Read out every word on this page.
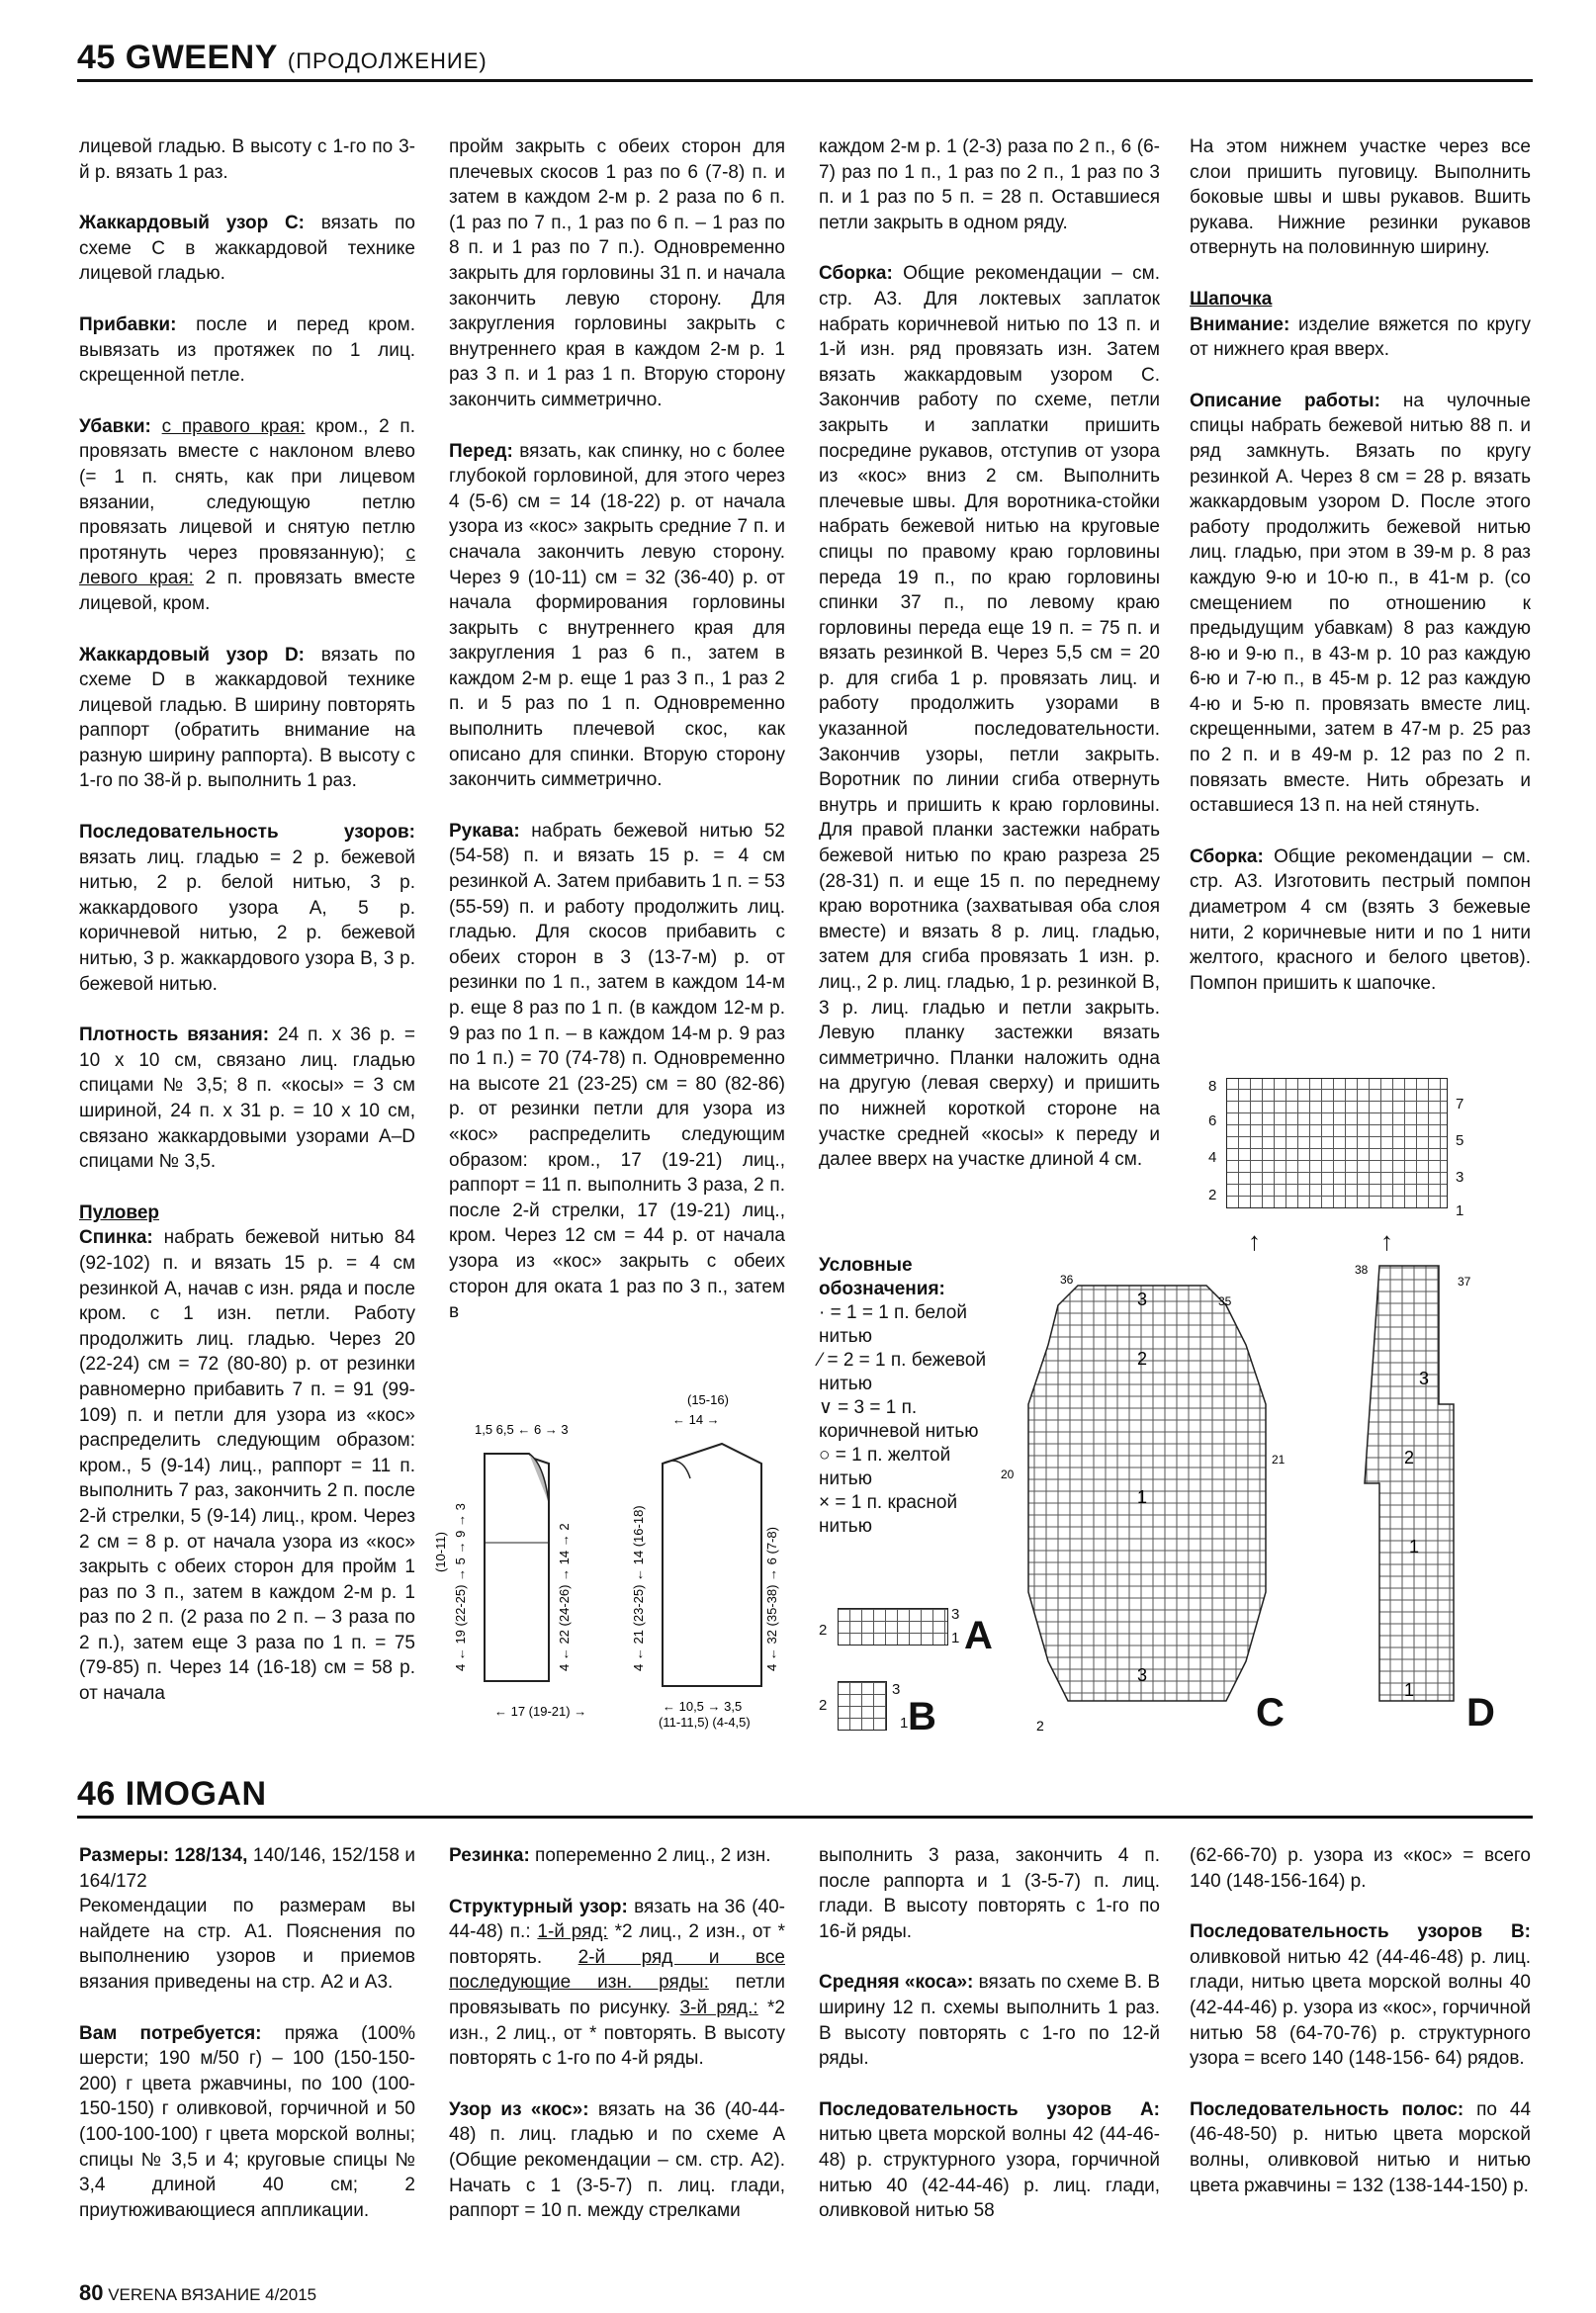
45 GWEENY (ПРОДОЛЖЕНИЕ)

лицевой гладью. В высоту с 1-го по 3-й р. вязать 1 раз.

Жаккардовый узор C: вязать по схеме C в жаккардовой технике лицевой гладью.

Прибавки: после и перед кром. вывязать из протяжек по 1 лиц. скрещенной петле.

Убавки: с правого края: кром., 2 п. провязать вместе с наклоном влево (= 1 п. снять, как при лицевом вязании, следующую петлю провязать лицевой и снятую петлю протянуть через провязанную); с левого края: 2 п. провязать вместе лицевой, кром.

Жаккардовый узор D: вязать по схеме D в жаккардовой технике лицевой гладью. В ширину повторять раппорт (обратить внимание на разную ширину раппорта). В высоту с 1-го по 38-й р. выполнить 1 раз.

Последовательность узоров: вязать лиц. гладью = 2 р. бежевой нитью, 2 р. белой нитью, 3 р. жаккардового узора A, 5 р. коричневой нитью, 2 р. бежевой нитью, 3 р. жаккардового узора B, 3 р. бежевой нитью.

Плотность вязания: 24 п. х 36 р. = 10 х 10 см, связано лиц. гладью спицами № 3,5; 8 п. «косы» = 3 см шириной, 24 п. х 31 р. = 10 х 10 см, связано жаккардовыми узорами A–D спицами № 3,5.

Пуловер
Спинка: набрать бежевой нитью 84 (92-102) п. и вязать 15 р. = 4 см резинкой A, начав с изн. ряда и после кром. с 1 изн. петли. Работу продолжить лиц. гладью. Через 20 (22-24) см = 72 (80-80) р. от резинки равномерно прибавить 7 п. = 91 (99-109) п. и петли для узора из «кос» распределить следующим образом: кром., 5 (9-14) лиц., раппорт = 11 п. выполнить 7 раз, закончить 2 п. после 2-й стрелки, 5 (9-14) лиц., кром. Через 2 см = 8 р. от начала узора из «кос» закрыть с обеих сторон для пройм 1 раз по 3 п., затем в каждом 2-м р. 1 раз по 2 п. (2 раза по 2 п. – 3 раза по 2 п.), затем еще 3 раза по 1 п. = 75 (79-85) п. Через 14 (16-18) см = 58 р. от начала

пройм закрыть с обеих сторон для плечевых скосов 1 раз по 6 (7-8) п. и затем в каждом 2-м р. 2 раза по 6 п. (1 раз по 7 п., 1 раз по 6 п. – 1 раз по 8 п. и 1 раз по 7 п.). Одновременно закрыть для горловины 31 п. и начала закончить левую сторону. Для закругления горловины закрыть с внутреннего края в каждом 2-м р. 1 раз 3 п. и 1 раз 1 п. Вторую сторону закончить симметрично.

Перед: вязать, как спинку, но с более глубокой горловиной, для этого через 4 (5-6) см = 14 (18-22) р. от начала узора из «кос» закрыть средние 7 п. и сначала закончить левую сторону. Через 9 (10-11) см = 32 (36-40) р. от начала формирования горловины закрыть с внутреннего края для закругления 1 раз 6 п., затем в каждом 2-м р. еще 1 раз 3 п., 1 раз 2 п. и 5 раз по 1 п. Одновременно выполнить плечевой скос, как описано для спинки. Вторую сторону закончить симметрично.

Рукава: набрать бежевой нитью 52 (54-58) п. и вязать 15 р. = 4 см резинкой A. Затем прибавить 1 п. = 53 (55-59) п. и работу продолжить лиц. гладью. Для скосов прибавить с обеих сторон в 3 (13-7-м) р. от резинки по 1 п., затем в каждом 14-м р. еще 8 раз по 1 п. (в каждом 12-м р. 9 раз по 1 п. – в каждом 14-м р. 9 раз по 1 п.) = 70 (74-78) п. Одновременно на высоте 21 (23-25) см = 80 (82-86) р. от резинки петли для узора из «кос» распределить следующим образом: кром., 17 (19-21) лиц., раппорт = 11 п. выполнить 3 раза, 2 п. после 2-й стрелки, 17 (19-21) лиц., кром. Через 12 см = 44 р. от начала узора из «кос» закрыть с обеих сторон для оката 1 раз по 3 п., затем в

каждом 2-м р. 1 (2-3) раза по 2 п., 6 (6-7) раз по 1 п., 1 раз по 2 п., 1 раз по 3 п. и 1 раз по 5 п. = 28 п. Оставшиеся петли закрыть в одном ряду.

Сборка: Общие рекомендации – см. стр. A3. Для локтевых заплаток набрать коричневой нитью по 13 п. и 1-й изн. ряд провязать изн. Затем вязать жаккардовым узором C. Закончив работу по схеме, петли закрыть и заплатки пришить посредине рукавов, отступив от узора из «кос» вниз 2 см. Выполнить плечевые швы. Для воротника-стойки набрать бежевой нитью на круговые спицы по правому краю горловины переда 19 п., по краю горловины спинки 37 п., по левому краю горловины переда еще 19 п. = 75 п. и вязать резинкой B. Через 5,5 см = 20 р. для сгиба 1 р. провязать лиц. и работу продолжить узорами в указанной последовательности. Закончив узоры, петли закрыть. Воротник по линии сгиба отвернуть внутрь и пришить к краю горловины. Для правой планки застежки набрать бежевой нитью по краю разреза 25 (28-31) п. и еще 15 п. по переднему краю воротника (захватывая оба слоя вместе) и вязать 8 р. лиц. гладью, затем для сгиба провязать 1 изн. р. лиц., 2 р. лиц. гладью, 1 р. резинкой B, 3 р. лиц. гладью и петли закрыть. Левую планку застежки вязать симметрично. Планки наложить одна на другую (левая сверху) и пришить по нижней короткой стороне на участке средней «косы» к переду и далее вверх на участке длиной 4 см.

На этом нижнем участке через все слои пришить пуговицу. Выполнить боковые швы и швы рукавов. Вшить рукава. Нижние резинки рукавов отвернуть на половинную ширину.

Шапочка
Внимание: изделие вяжется по кругу от нижнего края вверх.

Описание работы: на чулочные спицы набрать бежевой нитью 88 п. и ряд замкнуть. Вязать по кругу резинкой A. Через 8 см = 28 р. вязать жаккардовым узором D. После этого работу продолжить бежевой нитью лиц. гладью, при этом в 39-м р. 8 раз каждую 9-ю и 10-ю п., в 41-м р. (со смещением по отношению к предыдущим убавкам) 8 раз каждую 8-ю и 9-ю п., в 43-м р. 10 раз каждую 6-ю и 7-ю п., в 45-м р. 12 раз каждую 4-ю и 5-ю п. провязать вместе лиц. скрещенными, затем в 47-м р. 25 раз по 2 п. и в 49-м р. 12 раз по 2 п. повязать вместе. Нить обрезать и оставшиеся 13 п. на ней стянуть.

Сборка: Общие рекомендации – см. стр. A3. Изготовить пестрый помпон диаметром 4 см (взять 3 бежевые нити, 2 коричневые нити и по 1 нити желтого, красного и белого цветов). Помпон пришить к шапочке.

8
6
4
2
7
5
3
1
↑	↑
1,5 6,5 ← 6 → 3
(10-11) 4 ← 19 (22-25) → 5 → 9 → 3	4 ← 22 (24-26) → 14 → 2	4 ← 21 (23-25) ← 14 (16-18)	4 ← 32 (35-38) → 6 (7-8)
← 17 (19-21) →	← 10,5 → 3,5
(11-11,5) (4-4,5)
(15-16)
← 14 →
Условные обозначения:
· = 1 = 1 п. белой нитью
⁄ = 2 = 1 п. бежевой нитью
∨ = 3 = 1 п. коричневой нитью
○ = 1 п. желтой нитью
× = 1 п. красной нитью
2
3
1 A
2
3
1 B
3
2
1
3
36
35
20
21
2	C
3
2
1
1
38
37
D
46 IMOGAN

Размеры: 128/134, 140/146, 152/158 и 164/172

Рекомендации по размерам вы найдете на стр. A1. Пояснения по выполнению узоров и приемов вязания приведены на стр. A2 и A3.

Вам потребуется: пряжа (100% шерсти; 190 м/50 г) – 100 (150-150-200) г цвета ржавчины, по 100 (100-150-150) г оливковой, горчичной и 50 (100-100-100) г цвета морской волны; спицы № 3,5 и 4; круговые спицы № 3,4 длиной 40 см; 2 приутюживающиеся аппликации.

Резинка: попеременно 2 лиц., 2 изн.

Структурный узор: вязать на 36 (40-44-48) п.: 1-й ряд: *2 лиц., 2 изн., от * повторять. 2-й ряд и все последующие изн. ряды: петли провязывать по рисунку. 3-й ряд.: *2 изн., 2 лиц., от * повторять. В высоту повторять с 1-го по 4-й ряды.

Узор из «кос»: вязать на 36 (40-44-48) п. лиц. гладью и по схеме A (Общие рекомендации – см. стр. A2). Начать с 1 (3-5-7) п. лиц. глади, раппорт = 10 п. между стрелками

выполнить 3 раза, закончить 4 п. после раппорта и 1 (3-5-7) п. лиц. глади. В высоту повторять с 1-го по 16-й ряды.

Средняя «коса»: вязать по схеме B. В ширину 12 п. схемы выполнить 1 раз. В высоту повторять с 1-го по 12-й ряды.

Последовательность узоров A: нитью цвета морской волны 42 (44-46-48) р. структурного узора, горчичной нитью 40 (42-44-46) р. лиц. глади, оливковой нитью 58

(62-66-70) р. узора из «кос» = всего 140 (148-156-164) р.

Последовательность узоров B: оливковой нитью 42 (44-46-48) р. лиц. глади, нитью цвета морской волны 40 (42-44-46) р. узора из «кос», горчичной нитью 58 (64-70-76) р. структурного узора = всего 140 (148-156- 64) рядов.

Последовательность полос: по 44 (46-48-50) р. нитью цвета морской волны, оливковой нитью и нитью цвета ржавчины = 132 (138-144-150) р.

80 VERENA ВЯЗАНИЕ 4/2015
